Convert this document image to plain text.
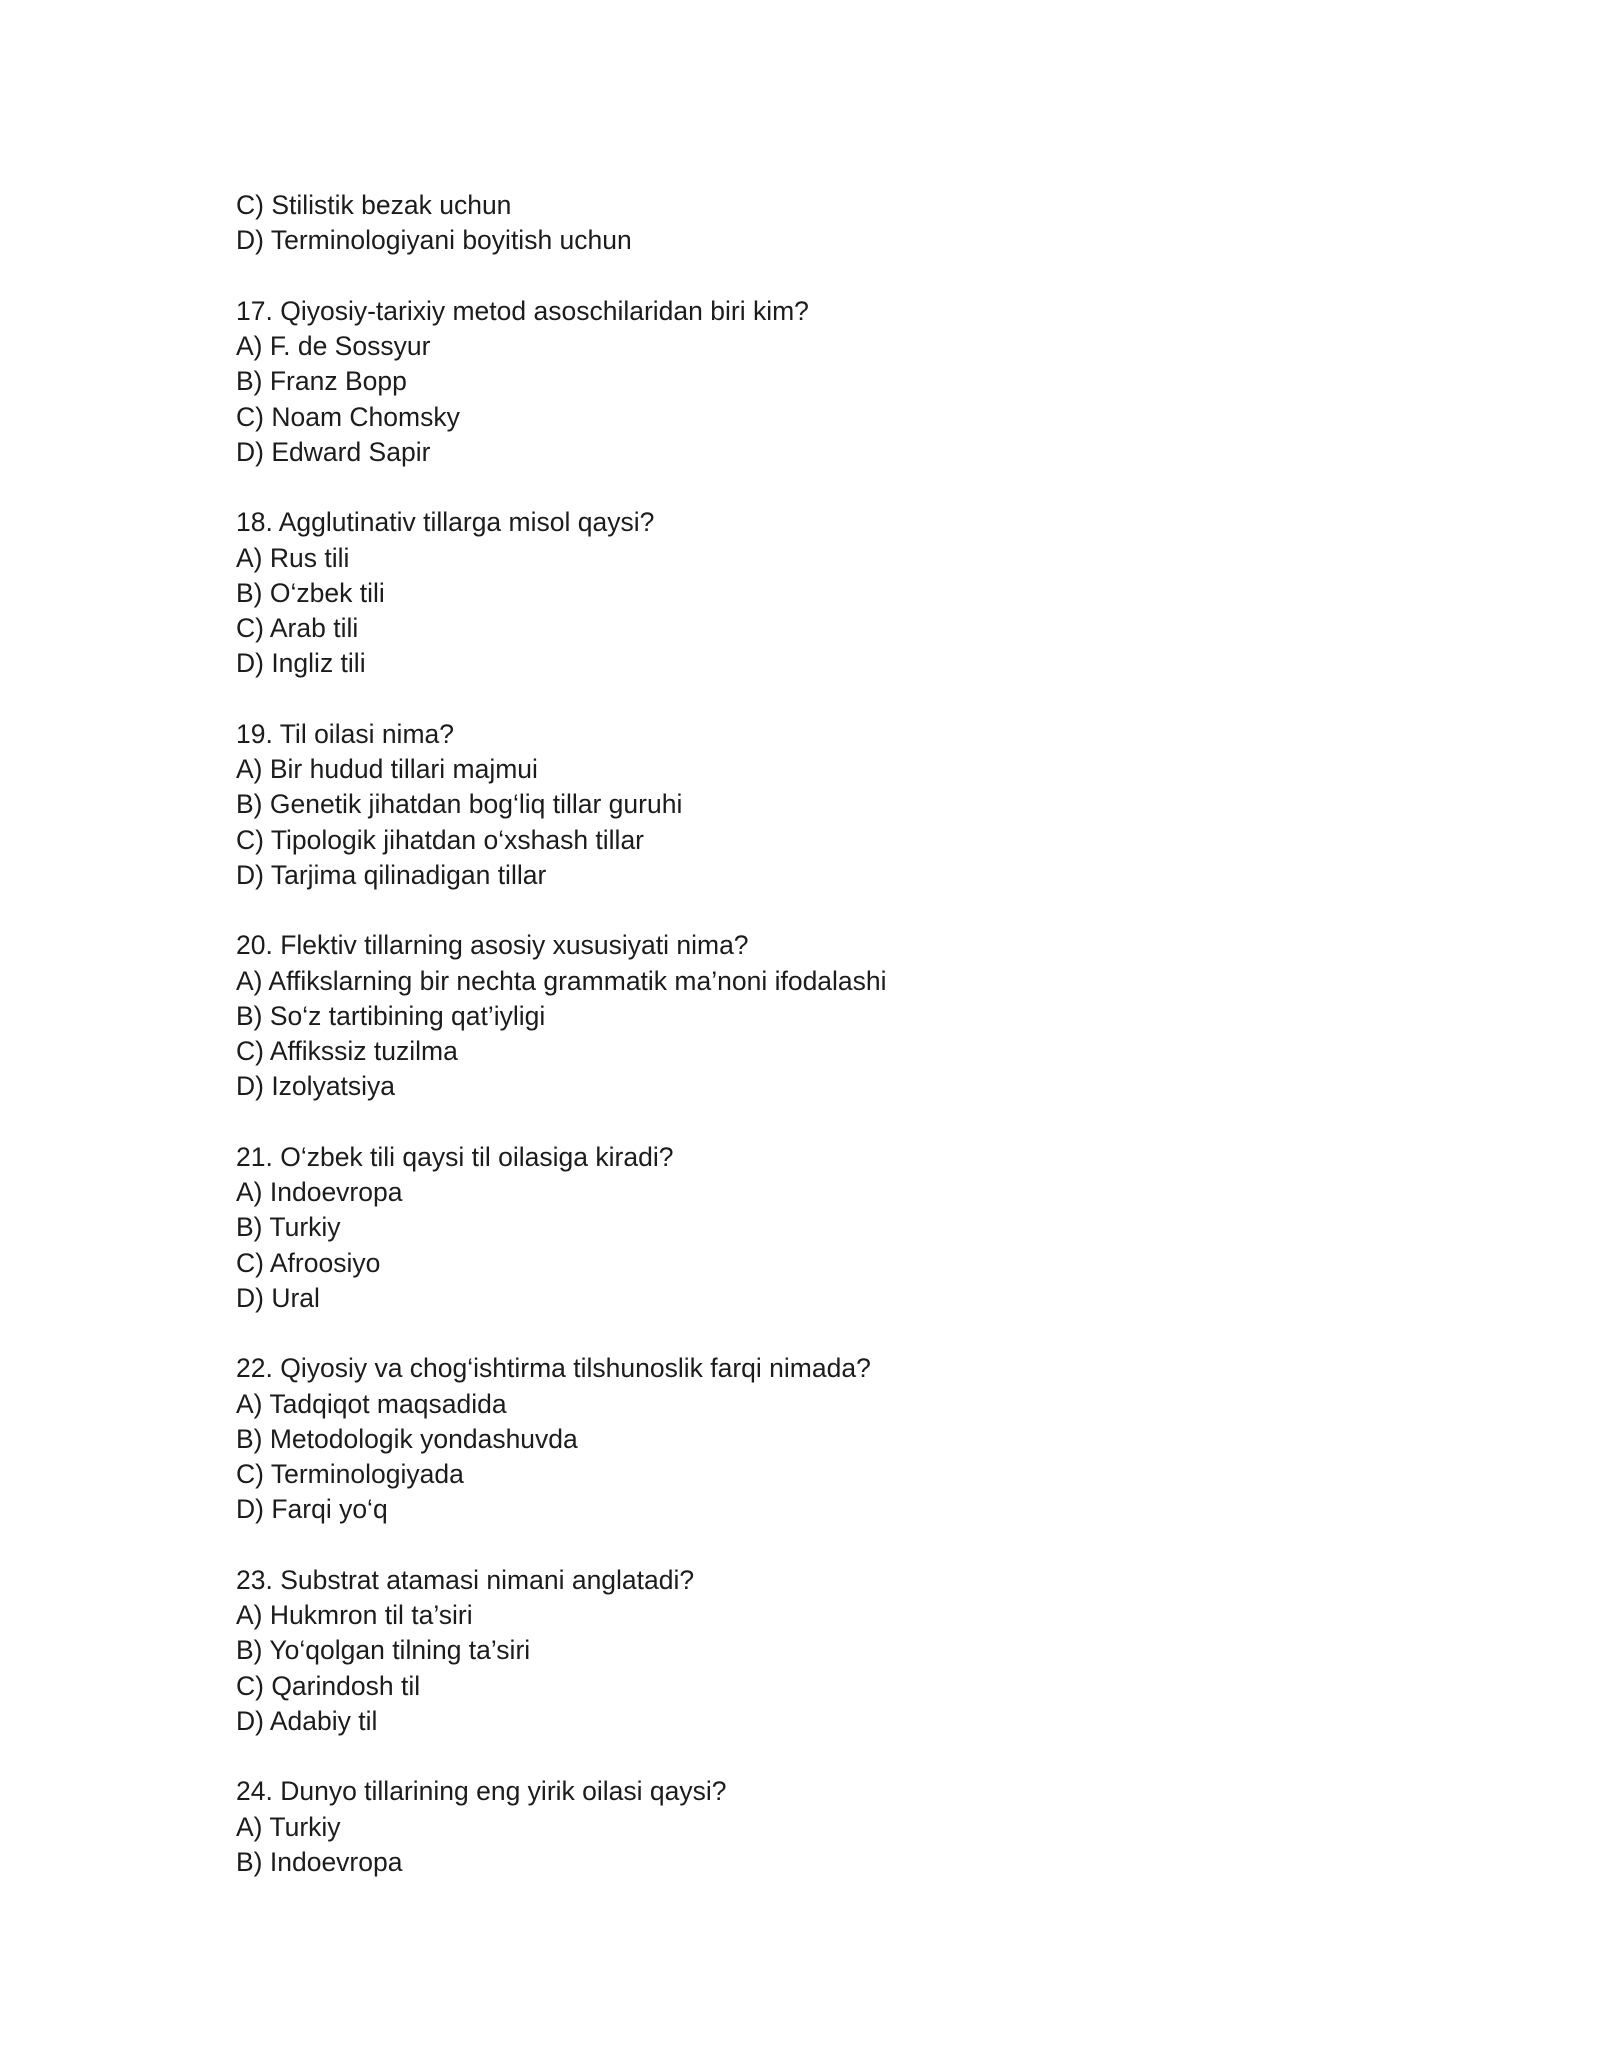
C) Stilistik bezak uchun
D) Terminologiyani boyitish uchun
17. Qiyosiy-tarixiy metod asoschilaridan biri kim?
A) F. de Sossyur
B) Franz Bopp
C) Noam Chomsky
D) Edward Sapir
18. Agglutinativ tillarga misol qaysi?
A) Rus tili
B) O‘zbek tili
C) Arab tili
D) Ingliz tili
19. Til oilasi nima?
A) Bir hudud tillari majmui
B) Genetik jihatdan bog‘liq tillar guruhi
C) Tipologik jihatdan o‘xshash tillar
D) Tarjima qilinadigan tillar
20. Flektiv tillarning asosiy xususiyati nima?
A) Affikslarning bir nechta grammatik ma’noni ifodalashi
B) So‘z tartibining qat’iyligi
C) Affikssiz tuzilma
D) Izolyatsiya
21. O‘zbek tili qaysi til oilasiga kiradi?
A) Indoevropa
B) Turkiy
C) Afroosiyo
D) Ural
22. Qiyosiy va chog‘ishtirma tilshunoslik farqi nimada?
A) Tadqiqot maqsadida
B) Metodologik yondashuvda
C) Terminologiyada
D) Farqi yo‘q
23. Substrat atamasi nimani anglatadi?
A) Hukmron til ta’siri
B) Yo‘qolgan tilning ta’siri
C) Qarindosh til
D) Adabiy til
24. Dunyo tillarining eng yirik oilasi qaysi?
A) Turkiy
B) Indoevropa
